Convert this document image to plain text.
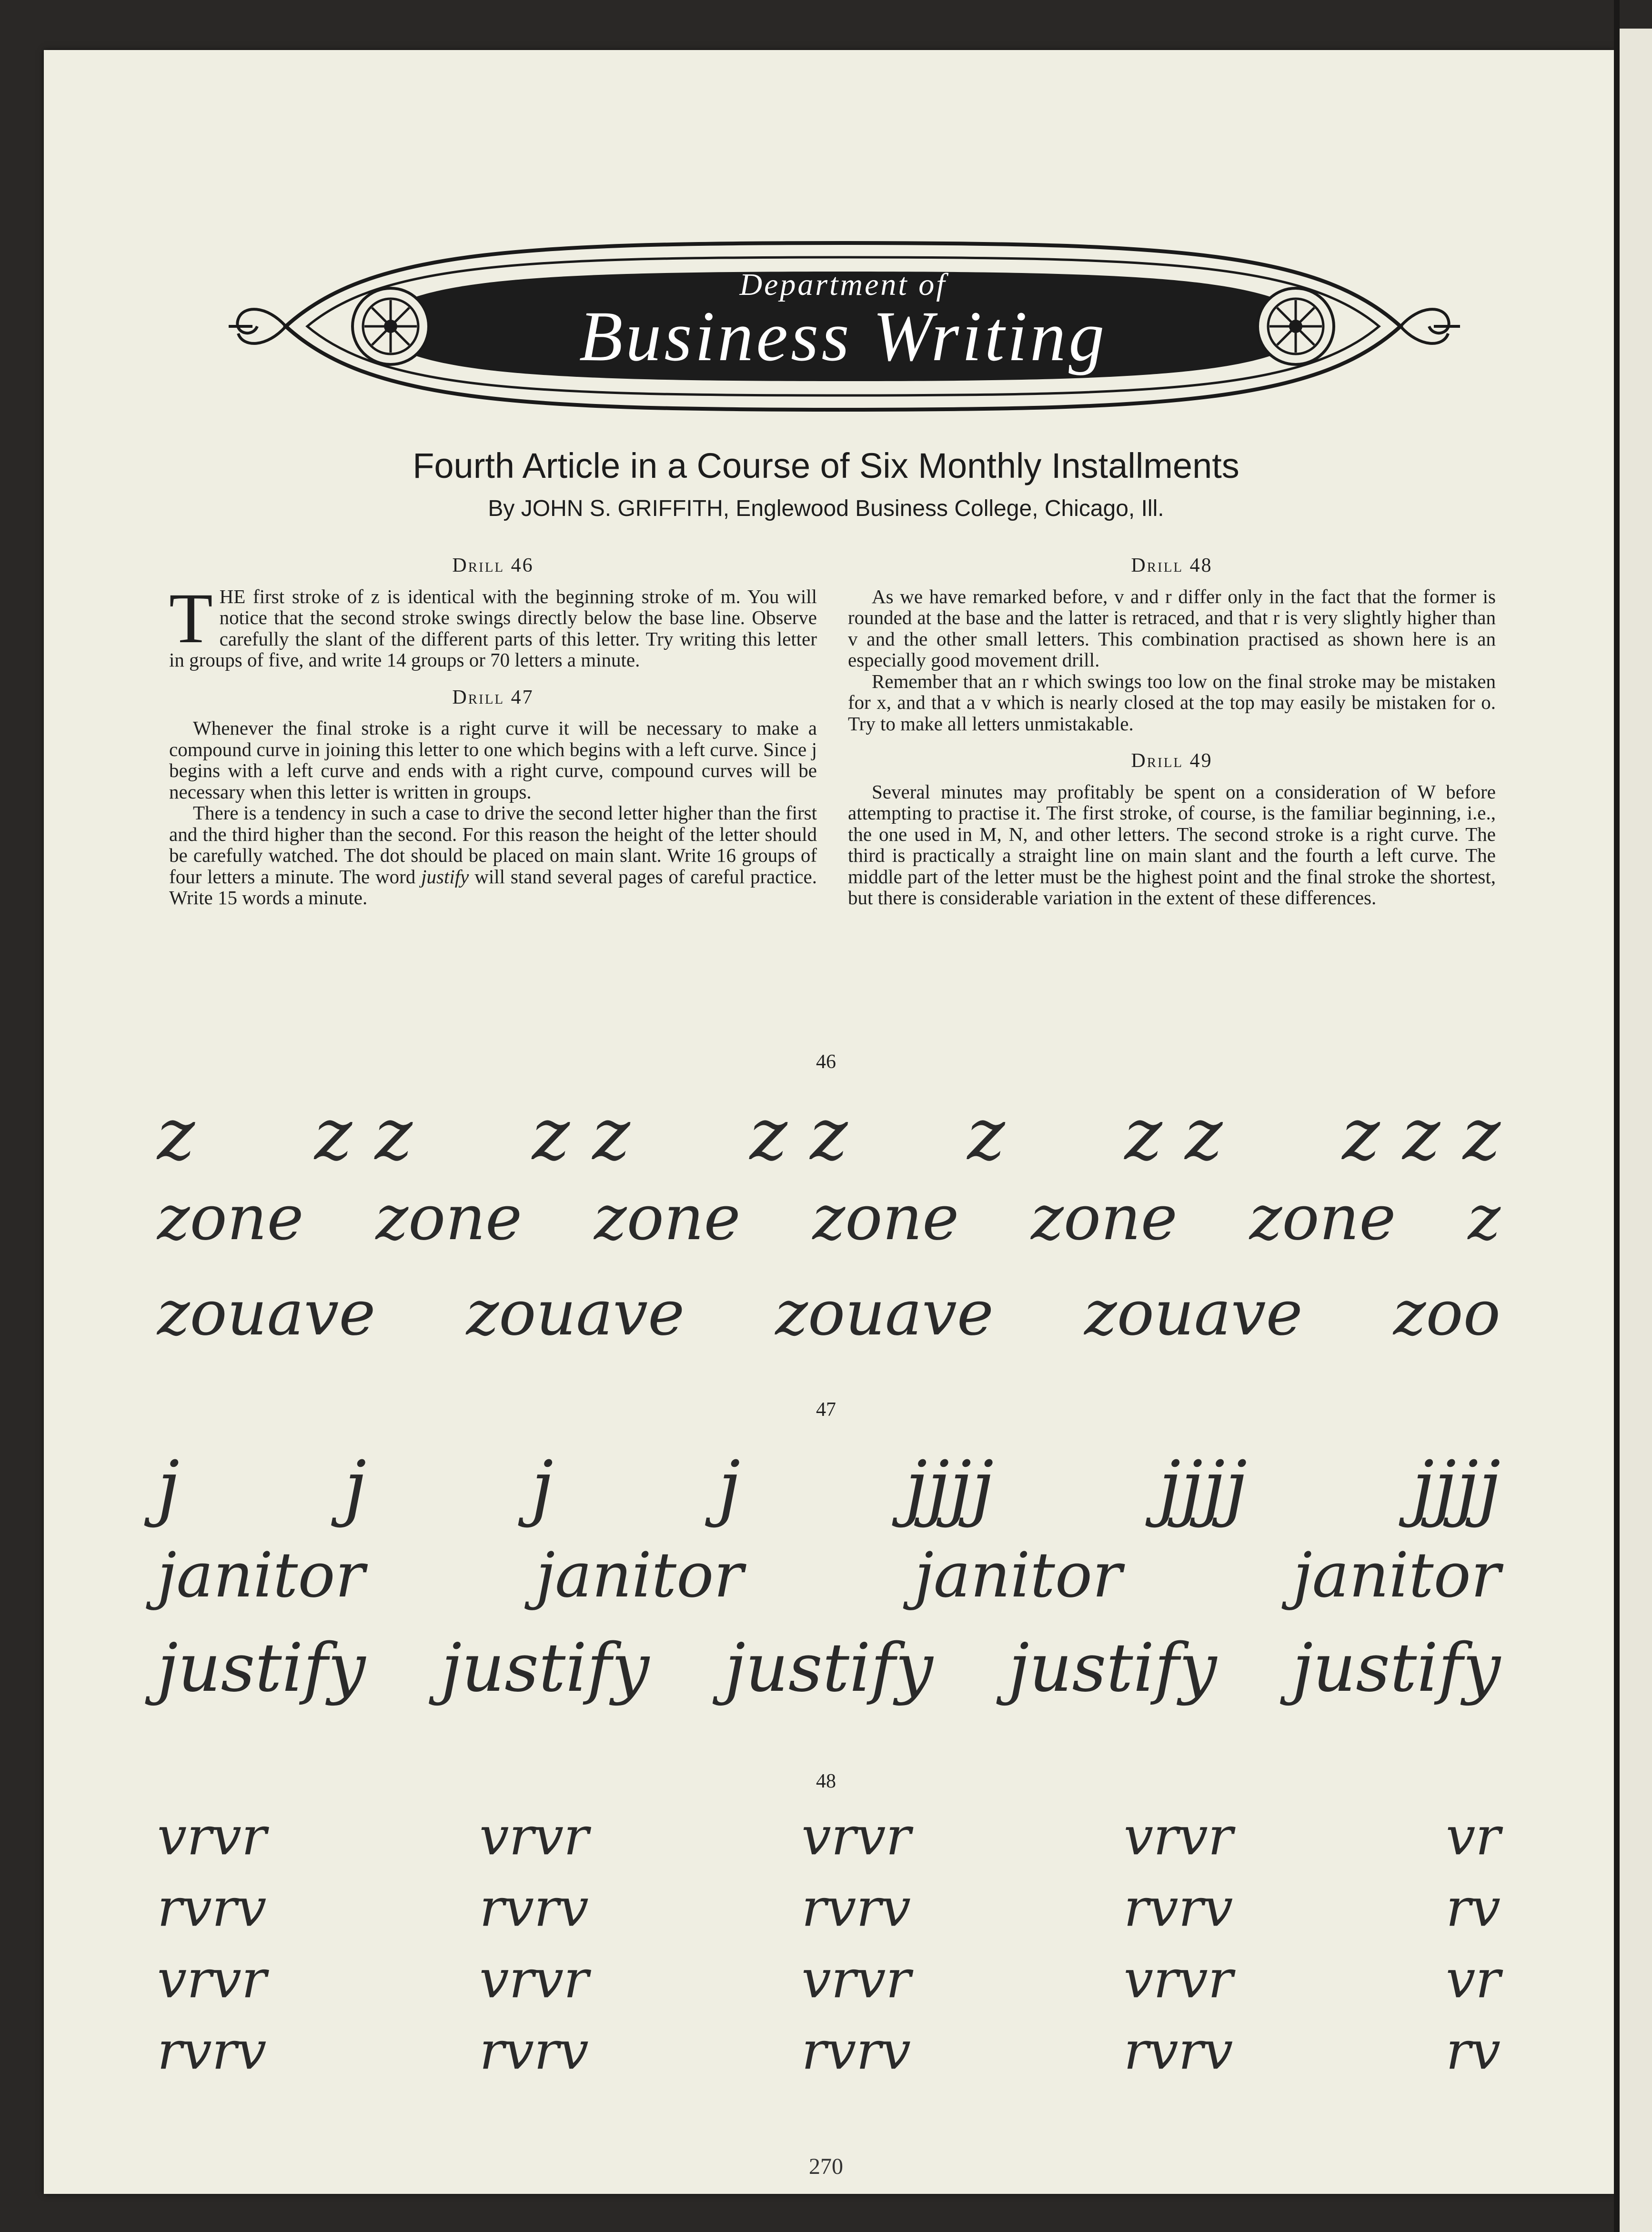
Department of
Business Writing
Fourth Article in a Course of Six Monthly Installments
By JOHN S. GRIFFITH, Englewood Business College, Chicago, Ill.
Drill 46

THE first stroke of z is identical with the beginning stroke of m. You will notice that the second stroke swings directly below the base line. Observe carefully the slant of the different parts of this letter. Try writing this letter in groups of five, and write 14 groups or 70 letters a minute.

Drill 47

Whenever the final stroke is a right curve it will be necessary to make a compound curve in joining this letter to one which begins with a left curve. Since j begins with a left curve and ends with a right curve, compound curves will be necessary when this letter is written in groups.

There is a tendency in such a case to drive the second letter higher than the first and the third higher than the second. For this reason the height of the letter should be carefully watched. The dot should be placed on main slant. Write 16 groups of four letters a minute. The word justify will stand several pages of careful practice. Write 15 words a minute.

Drill 48

As we have remarked before, v and r differ only in the fact that the former is rounded at the base and the latter is retraced, and that r is very slightly higher than v and the other small letters. This combination practised as shown here is an especially good movement drill.

Remember that an r which swings too low on the final stroke may be mistaken for x, and that a v which is nearly closed at the top may easily be mistaken for o. Try to make all letters unmistakable.

Drill 49

Several minutes may profitably be spent on a consideration of W before attempting to practise it. The first stroke, of course, is the familiar beginning, i.e., the one used in M, N, and other letters. The second stroke is a right curve. The third is practically a straight line on main slant and the fourth a left curve. The middle part of the letter must be the highest point and the final stroke the shortest, but there is considerable variation in the extent of these differences.

46
z z z z z z z z z z z z z
zone zone zone zone zone zone z
zouave zouave zouave zouave zoo
47
j j j j jjjj jjjj jjjj
janitor	janitor	janitor	janitor
justify justify justify justify justify
48
vrvr	vrvr	vrvr	vrvr	vr
rvrv	rvrv	rvrv	rvrv	rv
vrvr	vrvr	vrvr	vrvr	vr
rvrv	rvrv	rvrv	rvrv	rv
270
